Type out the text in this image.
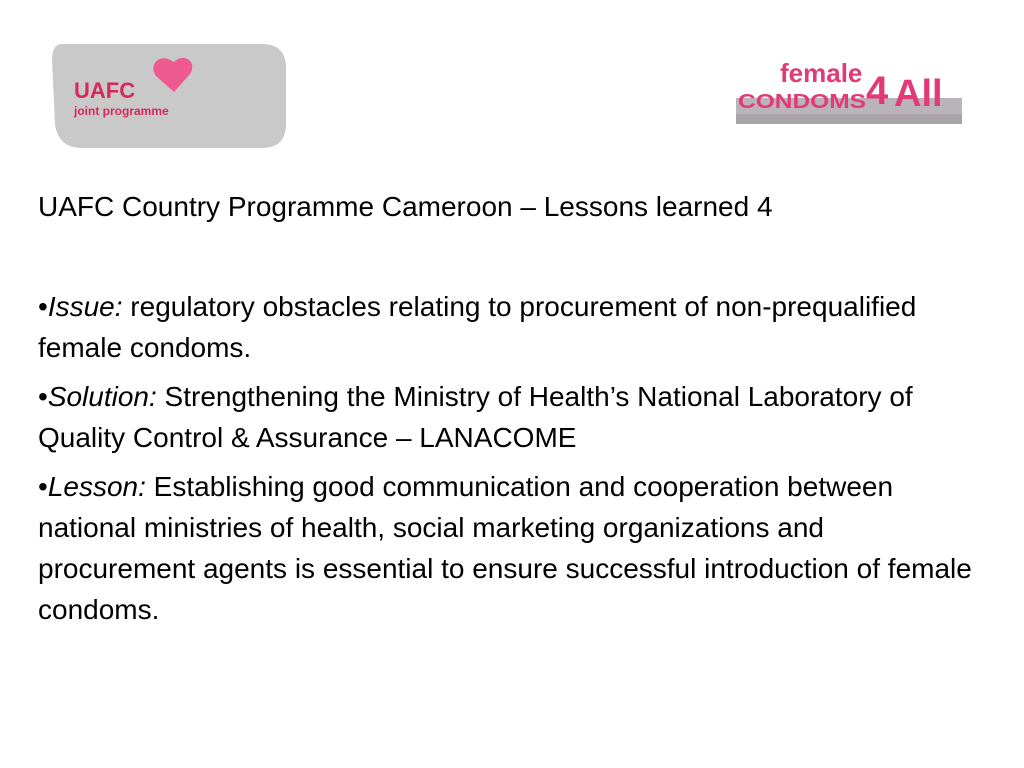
UAFC
joint programme
female
CONDOMS 4 All
UAFC Country Programme Cameroon – Lessons learned 4
•Issue: regulatory obstacles relating to procurement of non-prequalified female condoms.
•Solution: Strengthening the Ministry of Health’s National Laboratory of Quality Control & Assurance – LANACOME
•Lesson: Establishing good communication and cooperation between national ministries of health, social marketing organizations and procurement agents is essential to ensure successful introduction of female condoms.
